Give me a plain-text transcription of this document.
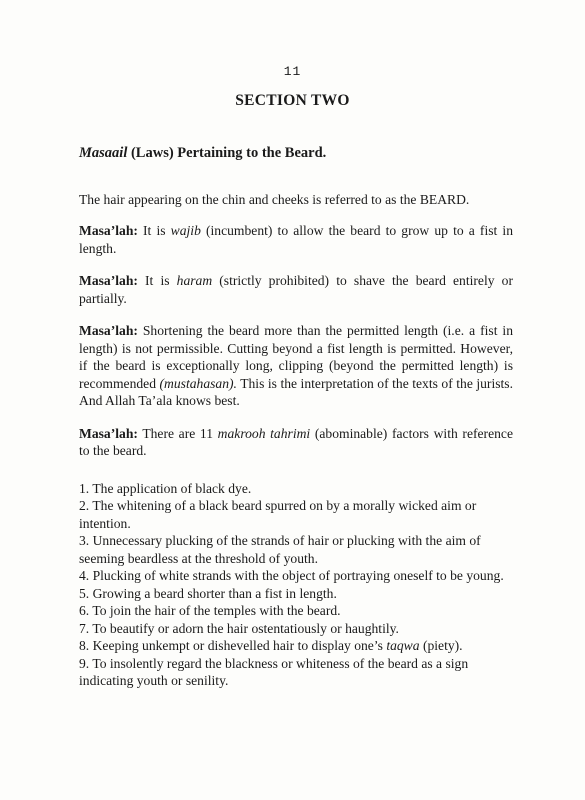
11
SECTION TWO
Masaail (Laws) Pertaining to the Beard.

The hair appearing on the chin and cheeks is referred to as the BEARD.

Masa’lah: It is wajib (incumbent) to allow the beard to grow up to a fist in length.

Masa’lah: It is haram (strictly prohibited) to shave the beard entirely or partially.

Masa’lah: Shortening the beard more than the permitted length (i.e. a fist in length) is not permissible. Cutting beyond a fist length is permitted. However, if the beard is exceptionally long, clipping (beyond the permitted length) is recommended (mustahasan). This is the interpretation of the texts of the jurists. And Allah Ta’ala knows best.

Masa’lah: There are 11 makrooh tahrimi (abominable) factors with reference to the beard.

1. The application of black dye.

2. The whitening of a black beard spurred on by a morally wicked aim or intention.

3. Unnecessary plucking of the strands of hair or plucking with the aim of seeming beardless at the threshold of youth.

4. Plucking of white strands with the object of portraying oneself to be young.

5. Growing a beard shorter than a fist in length.

6. To join the hair of the temples with the beard.

7. To beautify or adorn the hair ostentatiously or haughtily.

8. Keeping unkempt or dishevelled hair to display one’s taqwa (piety).

9. To insolently regard the blackness or whiteness of the beard as a sign indicating youth or senility.
